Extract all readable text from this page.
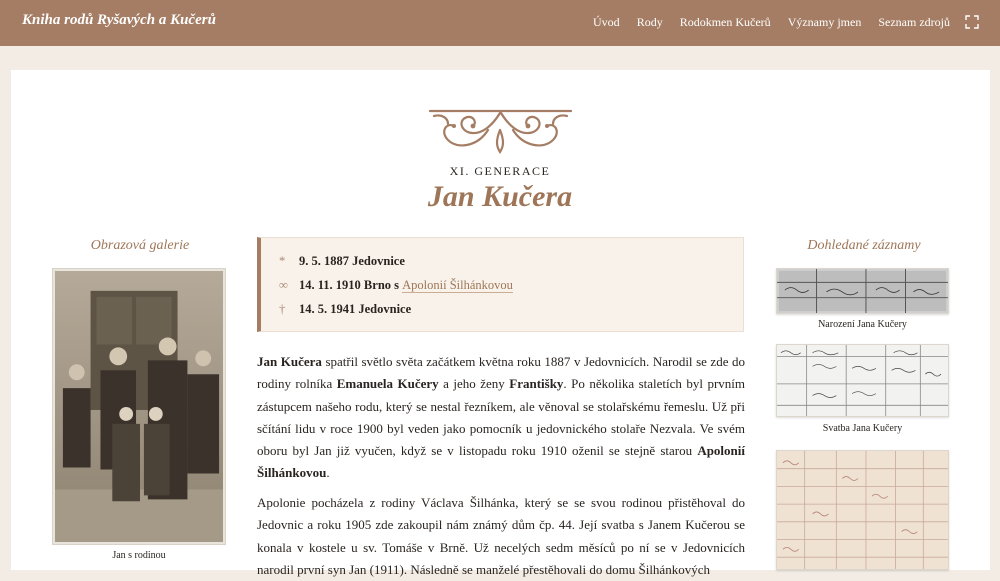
Kniha rodů Ryšavých a Kučerů	Úvod Rody Rodokmen Kučerů Významy jmen Seznam zdrojů
XI. GENERACE
Jan Kučera
Obrazová galerie
Jan s rodinou
* 9. 5. 1887 Jedovnice
∞ 14. 11. 1910 Brno s Apolonií Šilhánkovou
† 14. 5. 1941 Jedovnice
Jan Kučera spatřil světlo světa začátkem května roku 1887 v Jedovnicích. Narodil se zde do rodiny rolníka Emanuela Kučery a jeho ženy Františky. Po několika staletích byl prvním zástupcem našeho rodu, který se nestal řezníkem, ale věnoval se stolařskému řemeslu. Už při sčítání lidu v roce 1900 byl veden jako pomocník u jedovnického stolaře Nezvala. Ve svém oboru byl Jan již vyučen, když se v listopadu roku 1910 oženil se stejně starou Apolonií Šilhánkovou.
Apolonie pocházela z rodiny Václava Šilhánka, který se se svou rodinou přistěhoval do Jedovnic a roku 1905 zde zakoupil nám známý dům čp. 44. Její svatba s Janem Kučerou se konala v kostele u sv. Tomáše v Brně. Už necelých sedm měsíců po ní se v Jedovnicích narodil první syn Jan (1911). Následně se manželé přestěhovali do domu Šilhánkových
Dohledané záznamy
Narození Jana Kučery
Svatba Jana Kučery
